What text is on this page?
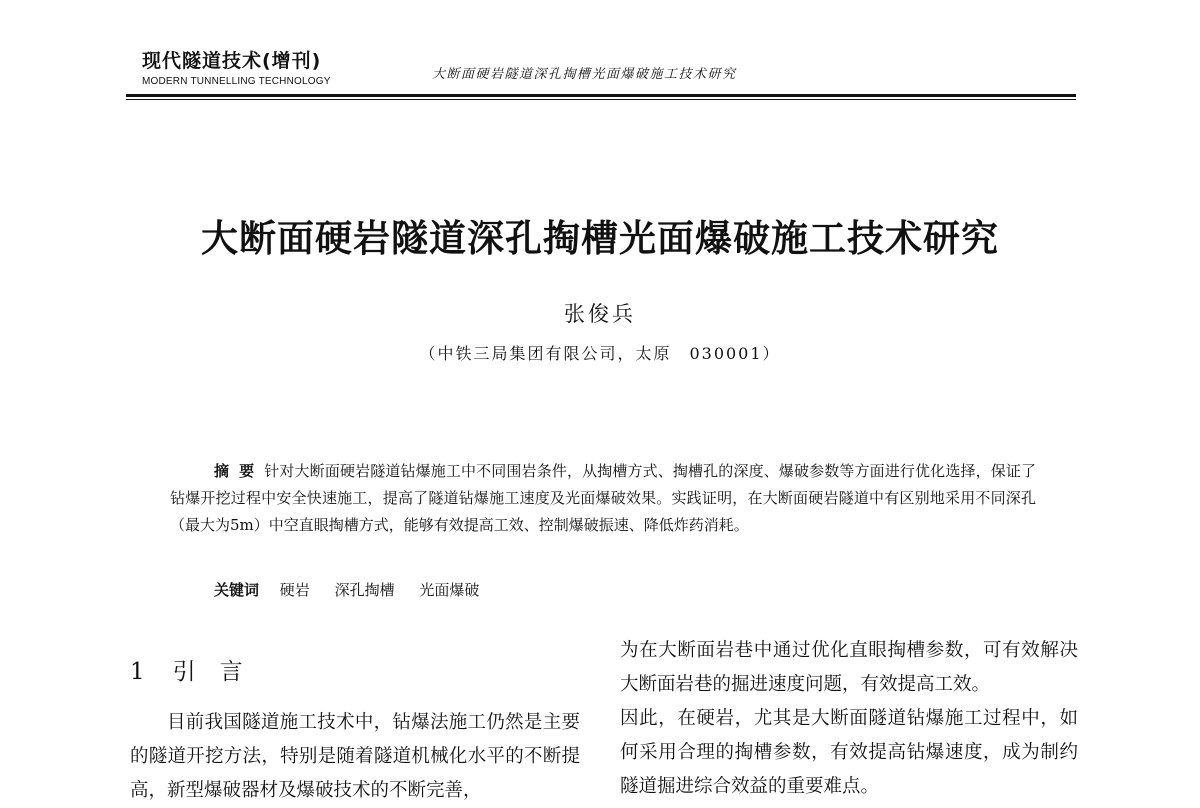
现代隧道技术(增刊)
MODERN TUNNELLING TECHNOLOGY	大断面硬岩隧道深孔掏槽光面爆破施工技术研究
大断面硬岩隧道深孔掏槽光面爆破施工技术研究
张俊兵
（中铁三局集团有限公司，太原　030001）
摘要针对大断面硬岩隧道钻爆施工中不同围岩条件，从掏槽方式、掏槽孔的深度、爆破参数等方面进行优化选择，保证了钻爆开挖过程中安全快速施工，提高了隧道钻爆施工速度及光面爆破效果。实践证明，在大断面硬岩隧道中有区别地采用不同深孔（最大为5m）中空直眼掏槽方式，能够有效提高工效、控制爆破振速、降低炸药消耗。
关键词 硬岩 深孔掏槽 光面爆破
1 引言

目前我国隧道施工技术中，钻爆法施工仍然是主要的隧道开挖方法，特别是随着隧道机械化水平的不断提高，新型爆破器材及爆破技术的不断完善，

为在大断面岩巷中通过优化直眼掏槽参数，可有效解决大断面岩巷的掘进速度问题，有效提高工效。

因此，在硬岩，尤其是大断面隧道钻爆施工过程中，如何采用合理的掏槽参数，有效提高钻爆速度，成为制约隧道掘进综合效益的重要难点。
